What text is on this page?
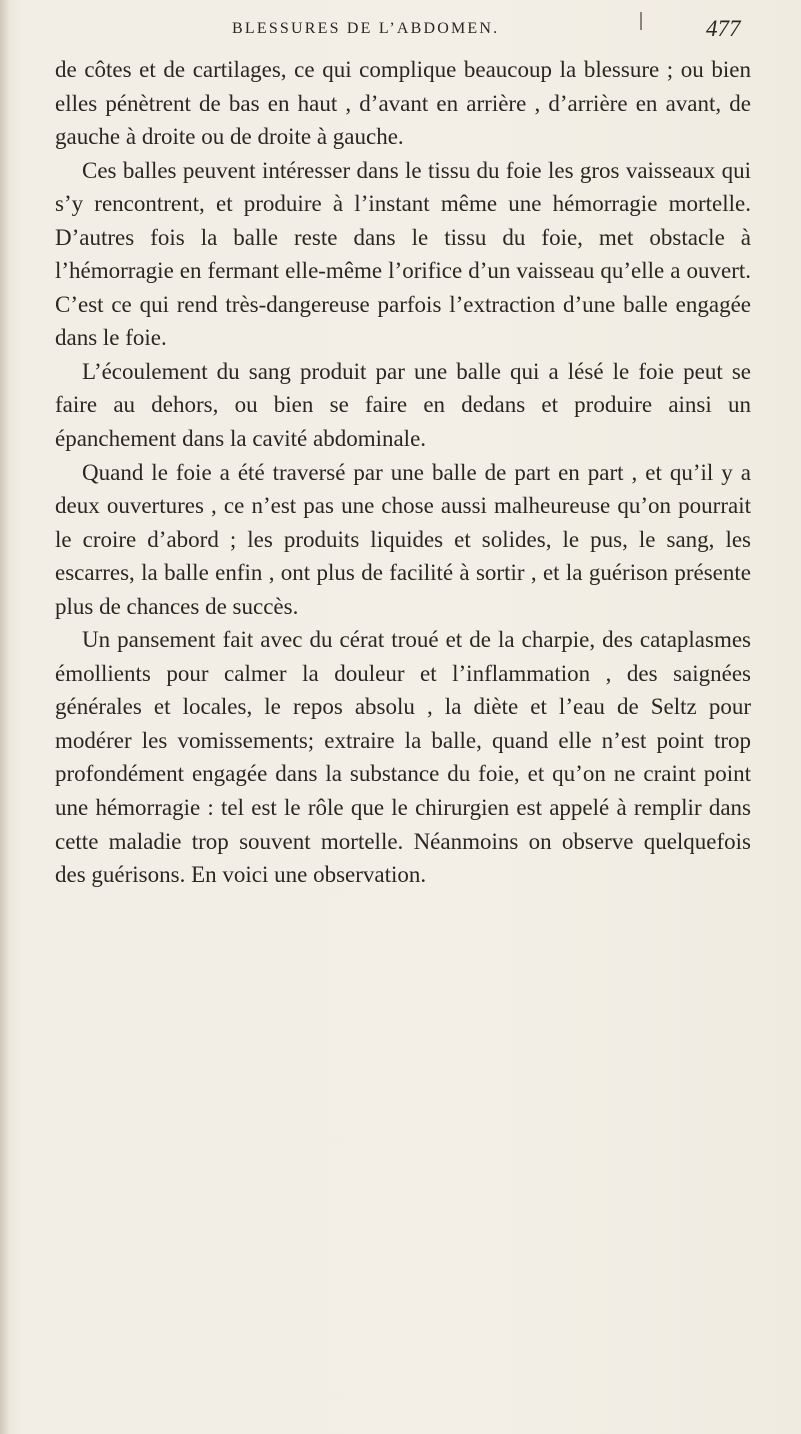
BLESSURES DE L’ABDOMEN.	477

de côtes et de cartilages, ce qui complique beaucoup la blessure ; ou bien elles pénètrent de bas en haut , d’avant en arrière , d’arrière en avant, de gauche à droite ou de droite à gauche.

Ces balles peuvent intéresser dans le tissu du foie les gros vaisseaux qui s’y rencontrent, et produire à l’instant même une hémorragie mortelle. D’autres fois la balle reste dans le tissu du foie, met obstacle à l’hémorragie en fermant elle-même l’orifice d’un vaisseau qu’elle a ouvert. C’est ce qui rend très-dangereuse parfois l’extraction d’une balle engagée dans le foie.

L’écoulement du sang produit par une balle qui a lésé le foie peut se faire au dehors, ou bien se faire en dedans et produire ainsi un épanchement dans la cavité abdominale.

Quand le foie a été traversé par une balle de part en part , et qu’il y a deux ouvertures , ce n’est pas une chose aussi malheureuse qu’on pourrait le croire d’abord ; les produits liquides et solides, le pus, le sang, les escarres, la balle enfin , ont plus de facilité à sortir , et la guérison présente plus de chances de succès.

Un pansement fait avec du cérat troué et de la charpie, des cataplasmes émollients pour calmer la douleur et l’inflammation , des saignées générales et locales, le repos absolu , la diète et l’eau de Seltz pour modérer les vomissements; extraire la balle, quand elle n’est point trop profondément engagée dans la substance du foie, et qu’on ne craint point une hémorragie : tel est le rôle que le chirurgien est appelé à remplir dans cette maladie trop souvent mortelle. Néanmoins on observe quelquefois des guérisons. En voici une observation.
